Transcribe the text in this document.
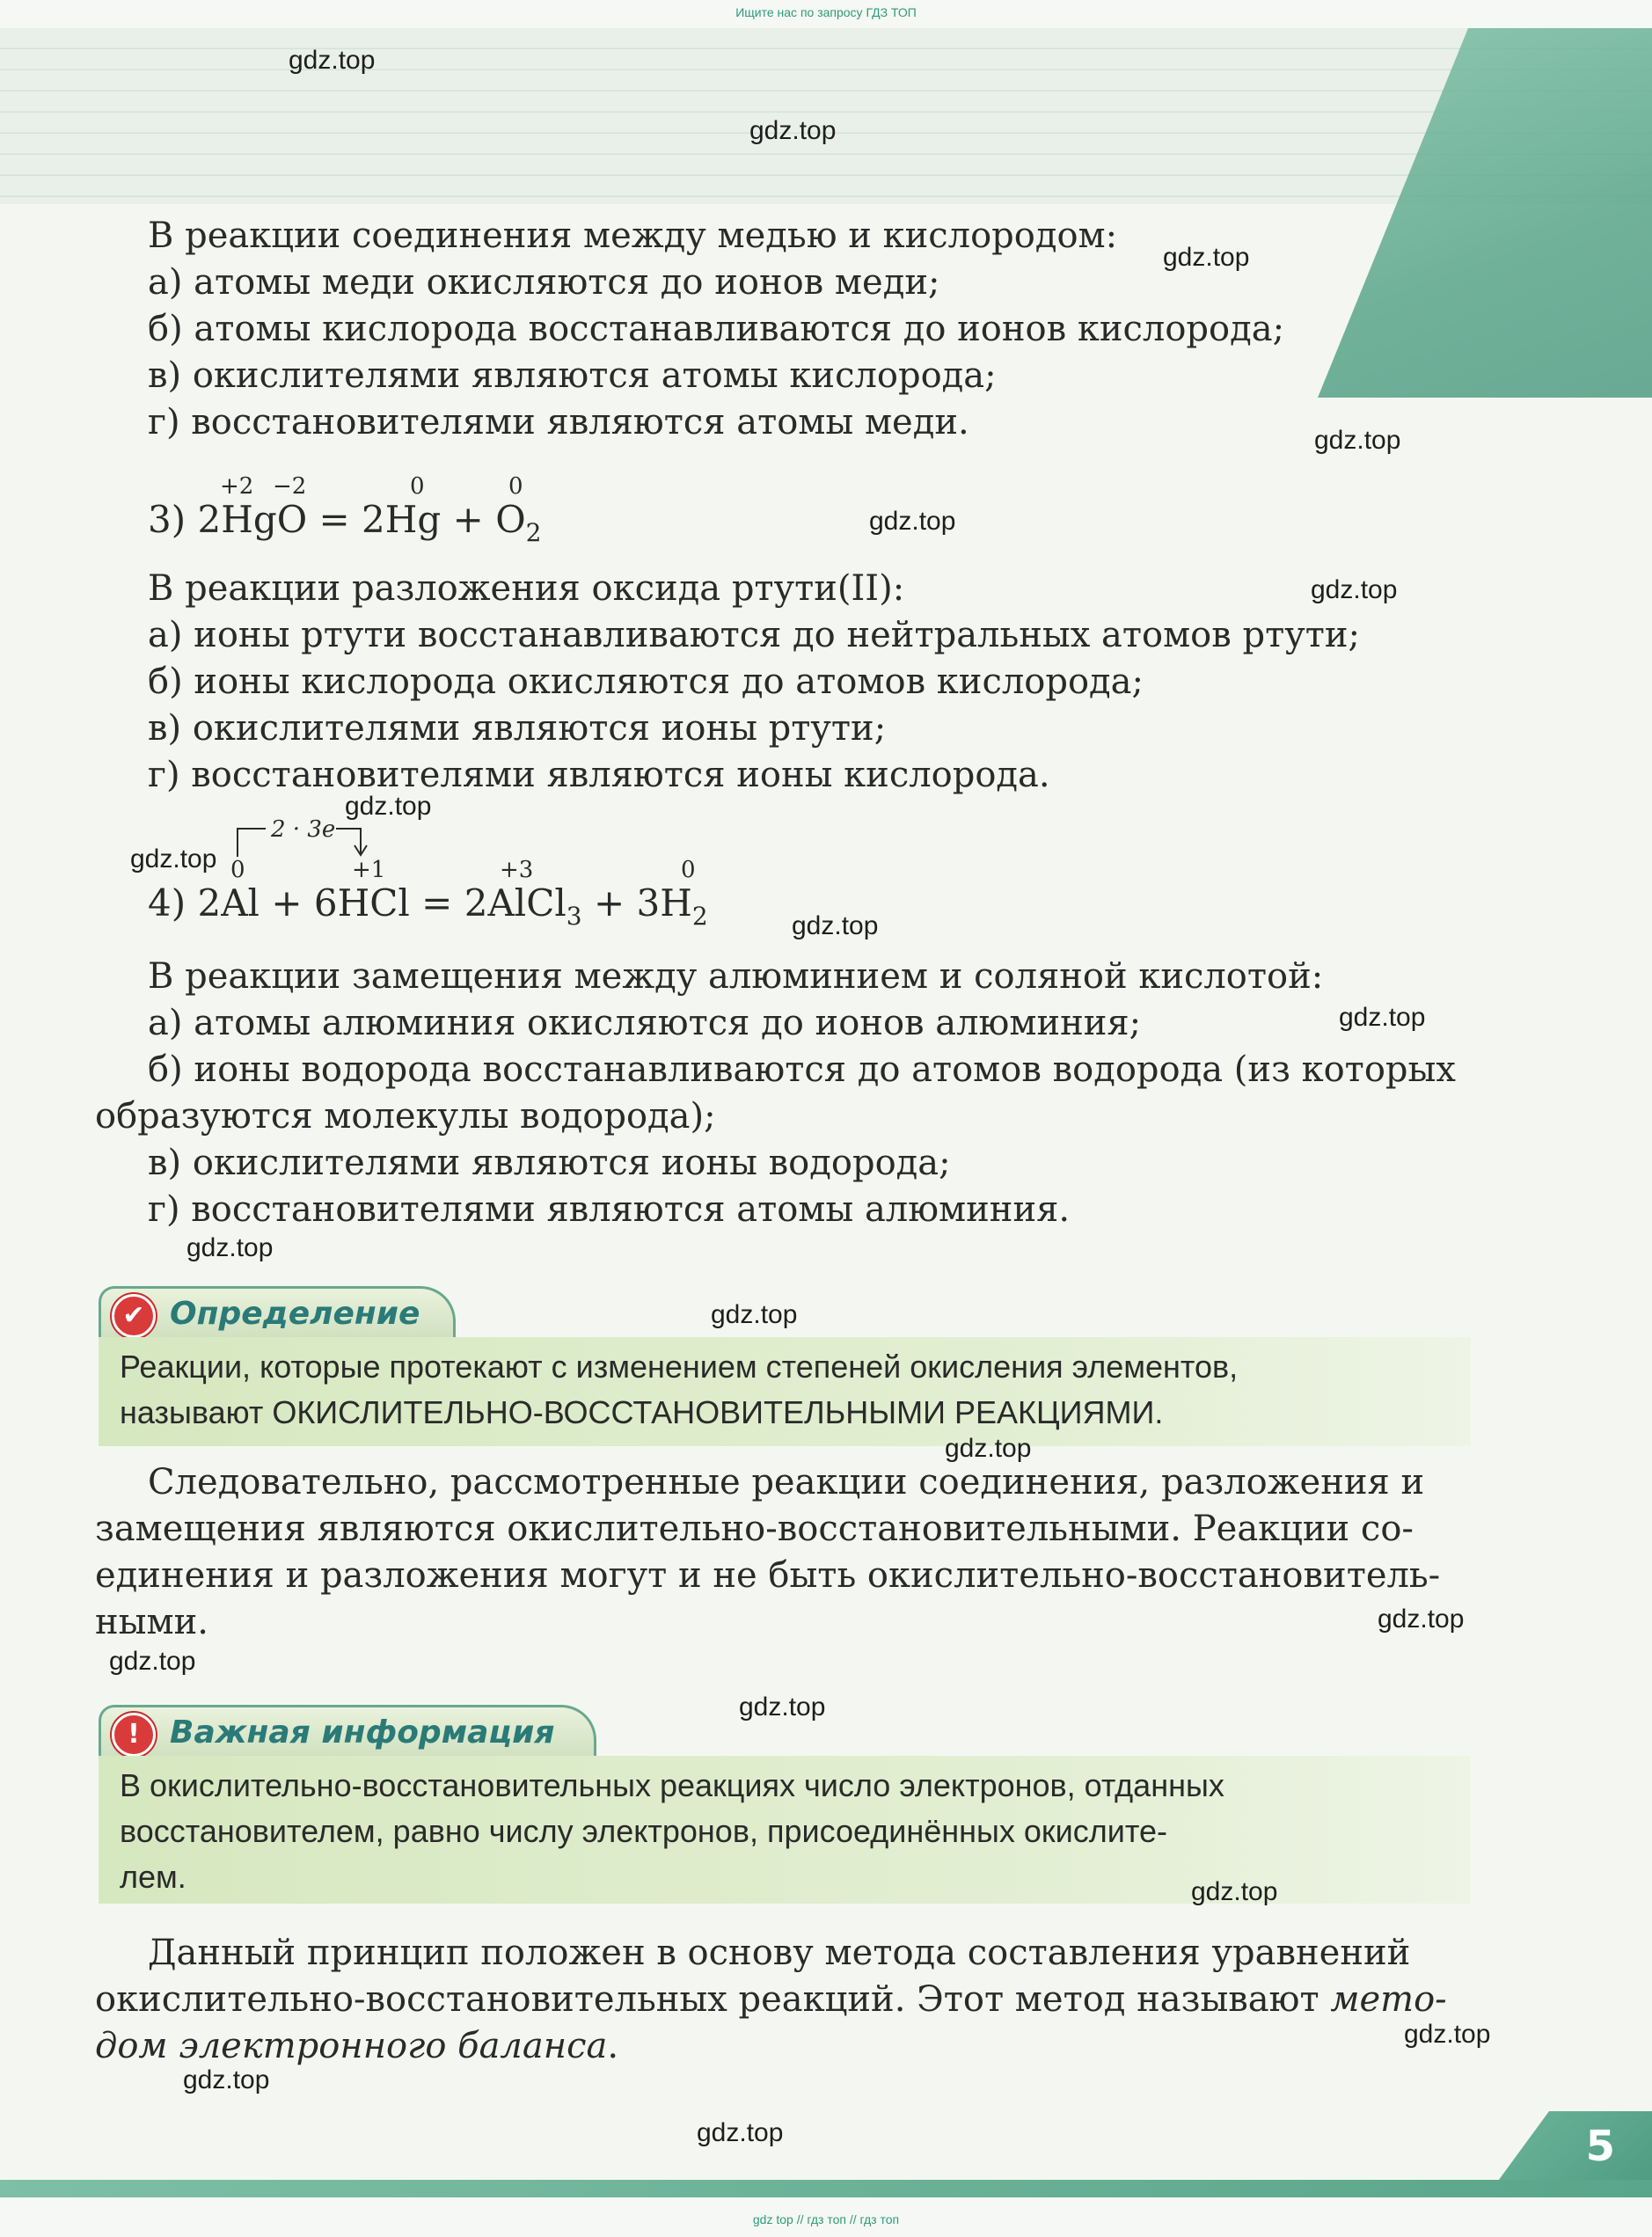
Ищите нас по запросу ГДЗ ТОП
В реакции соединения между медью и кислородом:
а) атомы меди окисляются до ионов меди;
б) атомы кислорода восстанавливаются до ионов кислорода;
в) окислителями являются атомы кислорода;
г) восстановителями являются атомы меди.
+2 −2	0	0
3) $2HgO = 2Hg + O_2$
В реакции разложения оксида ртути(II):
а) ионы ртути восстанавливаются до нейтральных атомов ртути;
б) ионы кислорода окисляются до атомов кислорода;
в) окислителями являются ионы ртути;
г) восстановителями являются ионы кислорода.
2 · 3e
0	+1	+3	0
4) 2Al + 6HCl = 2AlCl$_3$ + $3H_2$
В реакции замещения между алюминием и соляной кислотой:
а) атомы алюминия окисляются до ионов алюминия;
б) ионы водорода восстанавливаются до атомов водорода (из которых
образуются молекулы водорода);
в) окислителями являются ионы водорода;
г) восстановителями являются атомы алюминия.
✔ Определение
Реакции, которые протекают с изменением степеней окисления элементов,
называют ОКИСЛИТЕЛЬНО-ВОССТАНОВИТЕЛЬНЫМИ РЕАКЦИЯМИ.
Следовательно, рассмотренные реакции соединения, разложения и
замещения являются окислительно-восстановительными. Реакции со-
единения и разложения могут и не быть окислительно-восстановитель-
ными.
! Важная информация
В окислительно-восстановительных реакциях число электронов, отданных
восстановителем, равно числу электронов, присоединённых окислите-
лем.
Данный принцип положен в основу метода составления уравнений
окислительно-восстановительных реакций. Этот метод называют мето-
дом электронного баланса.
gdz.top
gdz.top
gdz.top
gdz.top
gdz.top
gdz.top
gdz.top
gdz.top
gdz.top
gdz.top
gdz.top
gdz.top
gdz.top
gdz.top
gdz.top
gdz.top
gdz.top
gdz.top
gdz.top
gdz.top	5
gdz top // гдз топ // гдз топ
